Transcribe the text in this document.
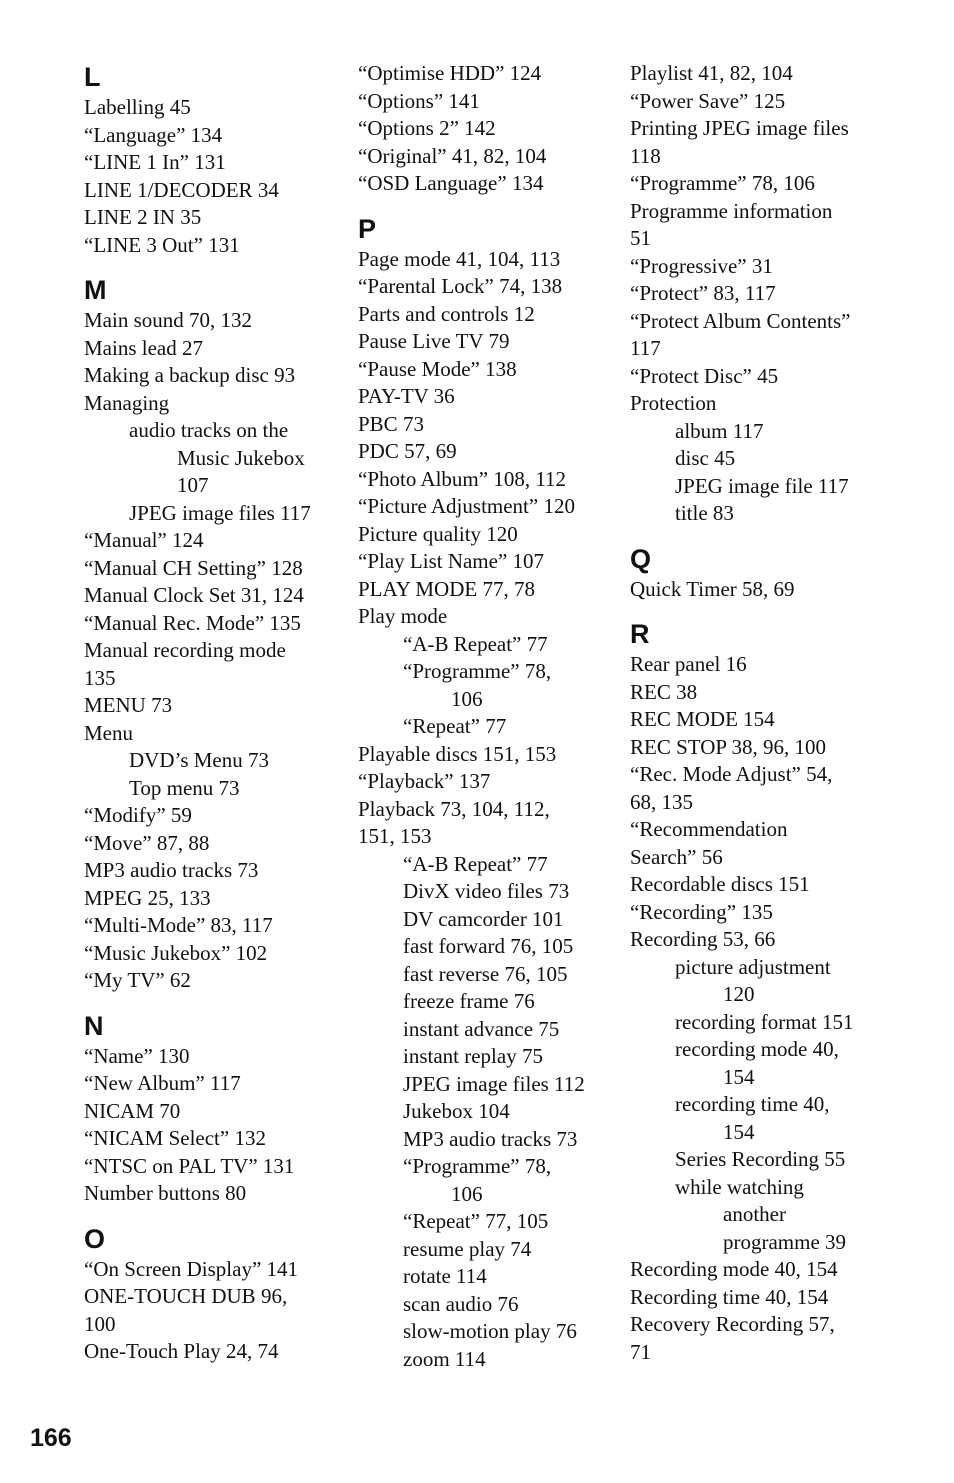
L
Labelling 45
“Language” 134
“LINE 1 In” 131
LINE 1/DECODER 34
LINE 2 IN 35
“LINE 3 Out” 131
M
Main sound 70, 132
Mains lead 27
Making a backup disc 93
Managing
audio tracks on the
Music Jukebox
107
JPEG image files 117
“Manual” 124
“Manual CH Setting” 128
Manual Clock Set 31, 124
“Manual Rec. Mode” 135
Manual recording mode
135
MENU 73
Menu
DVD’s Menu 73
Top menu 73
“Modify” 59
“Move” 87, 88
MP3 audio tracks 73
MPEG 25, 133
“Multi-Mode” 83, 117
“Music Jukebox” 102
“My TV” 62
N
“Name” 130
“New Album” 117
NICAM 70
“NICAM Select” 132
“NTSC on PAL TV” 131
Number buttons 80
O
“On Screen Display” 141
ONE-TOUCH DUB 96,
100
One-Touch Play 24, 74
“Optimise HDD” 124
“Options” 141
“Options 2” 142
“Original” 41, 82, 104
“OSD Language” 134
P
Page mode 41, 104, 113
“Parental Lock” 74, 138
Parts and controls 12
Pause Live TV 79
“Pause Mode” 138
PAY-TV 36
PBC 73
PDC 57, 69
“Photo Album” 108, 112
“Picture Adjustment” 120
Picture quality 120
“Play List Name” 107
PLAY MODE 77, 78
Play mode
“A-B Repeat” 77
“Programme” 78,
106
“Repeat” 77
Playable discs 151, 153
“Playback” 137
Playback 73, 104, 112,
151, 153
“A-B Repeat” 77
DivX video files 73
DV camcorder 101
fast forward 76, 105
fast reverse 76, 105
freeze frame 76
instant advance 75
instant replay 75
JPEG image files 112
Jukebox 104
MP3 audio tracks 73
“Programme” 78,
106
“Repeat” 77, 105
resume play 74
rotate 114
scan audio 76
slow-motion play 76
zoom 114
Playlist 41, 82, 104
“Power Save” 125
Printing JPEG image files
118
“Programme” 78, 106
Programme information
51
“Progressive” 31
“Protect” 83, 117
“Protect Album Contents”
117
“Protect Disc” 45
Protection
album 117
disc 45
JPEG image file 117
title 83
Q
Quick Timer 58, 69
R
Rear panel 16
REC 38
REC MODE 154
REC STOP 38, 96, 100
“Rec. Mode Adjust” 54,
68, 135
“Recommendation
Search” 56
Recordable discs 151
“Recording” 135
Recording 53, 66
picture adjustment
120
recording format 151
recording mode 40,
154
recording time 40,
154
Series Recording 55
while watching
another
programme 39
Recording mode 40, 154
Recording time 40, 154
Recovery Recording 57,
71
166
